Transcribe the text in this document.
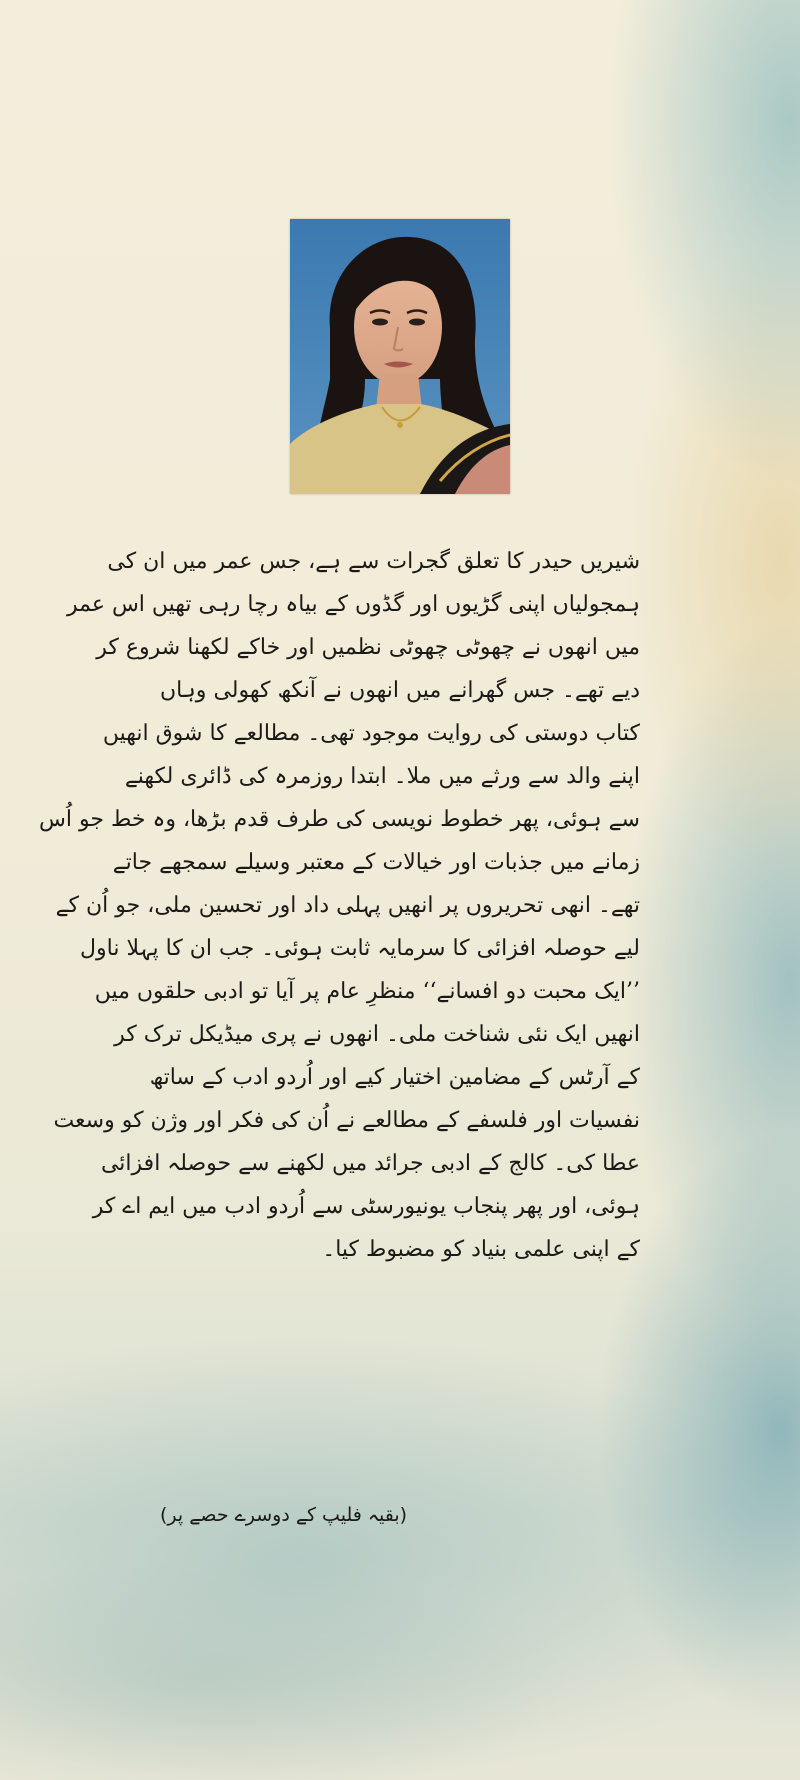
شیریں حیدر کا تعلق گجرات سے ہے، جس عمر میں ان کی
ہمجولیاں اپنی گڑیوں اور گڈوں کے بیاہ رچا رہی تھیں اس عمر
میں انھوں نے چھوٹی چھوٹی نظمیں اور خاکے لکھنا شروع کر
دیے تھے۔ جس گھرانے میں انھوں نے آنکھ کھولی وہاں
کتاب دوستی کی روایت موجود تھی۔ مطالعے کا شوق انھیں
اپنے والد سے ورثے میں ملا۔ ابتدا روزمرہ کی ڈائری لکھنے
سے ہوئی، پھر خطوط نویسی کی طرف قدم بڑھا، وہ خط جو اُس
زمانے میں جذبات اور خیالات کے معتبر وسیلے سمجھے جاتے
تھے۔ انھی تحریروں پر انھیں پہلی داد اور تحسین ملی، جو اُن کے
لیے حوصلہ افزائی کا سرمایہ ثابت ہوئی۔ جب ان کا پہلا ناول
’’ایک محبت دو افسانے‘‘ منظرِ عام پر آیا تو ادبی حلقوں میں
انھیں ایک نئی شناخت ملی۔ انھوں نے پری میڈیکل ترک کر
کے آرٹس کے مضامین اختیار کیے اور اُردو ادب کے ساتھ
نفسیات اور فلسفے کے مطالعے نے اُن کی فکر اور وژن کو وسعت
عطا کی۔ کالج کے ادبی جرائد میں لکھنے سے حوصلہ افزائی
ہوئی، اور پھر پنجاب یونیورسٹی سے اُردو ادب میں ایم اے کر
کے اپنی علمی بنیاد کو مضبوط کیا۔
(بقیہ فلیپ کے دوسرے حصے پر)
